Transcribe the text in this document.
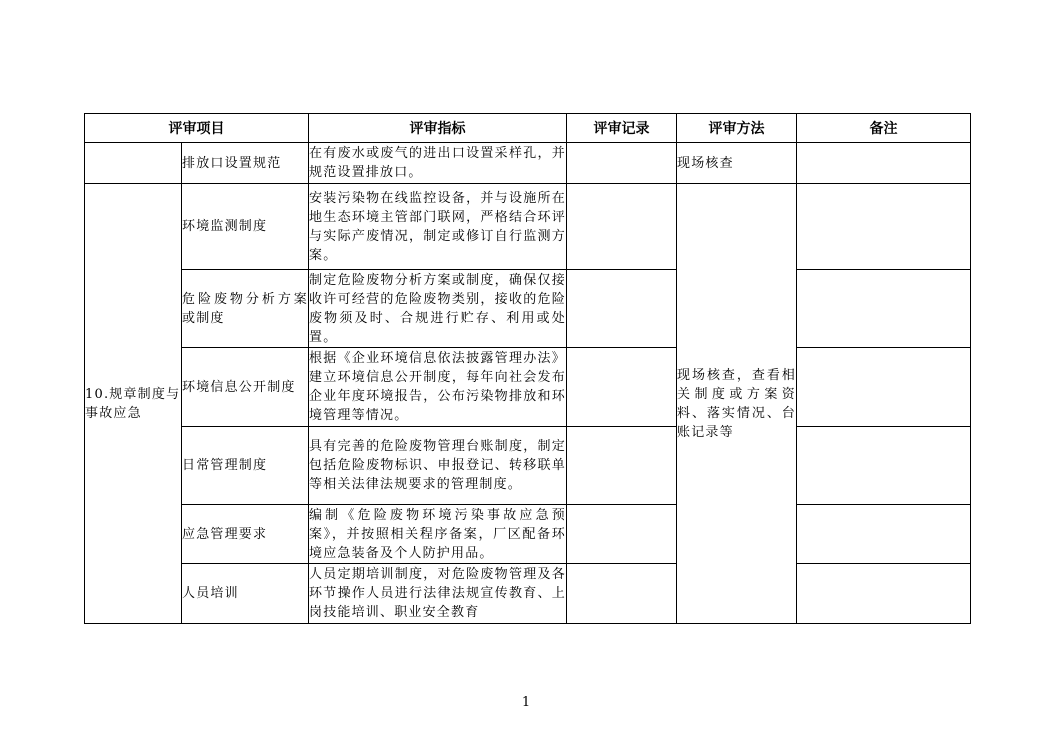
评审项目		评审指标	评审记录	评审方法	备注
	排放口设置规范	在有废水或废气的进出口设置采样孔，并规范设置排放口。		现场核查	
10.规章制度与事故应急	环境监测制度	安装污染物在线监控设备，并与设施所在地生态环境主管部门联网，严格结合环评与实际产废情况，制定或修订自行监测方案。		现场核查，查看相关制度或方案资料、落实情况、台账记录等	
	危险废物分析方案或制度	制定危险废物分析方案或制度，确保仅接收许可经营的危险废物类别，接收的危险废物须及时、合规进行贮存、利用或处置。			
	环境信息公开制度	根据《企业环境信息依法披露管理办法》建立环境信息公开制度，每年向社会发布企业年度环境报告，公布污染物排放和环境管理等情况。			
	日常管理制度	具有完善的危险废物管理台账制度，制定包括危险废物标识、申报登记、转移联单等相关法律法规要求的管理制度。			
	应急管理要求	编制《危险废物环境污染事故应急预案》，并按照相关程序备案，厂区配备环境应急装备及个人防护用品。			
	人员培训	人员定期培训制度，对危险废物管理及各环节操作人员进行法律法规宣传教育、上岗技能培训、职业安全教育			
1
